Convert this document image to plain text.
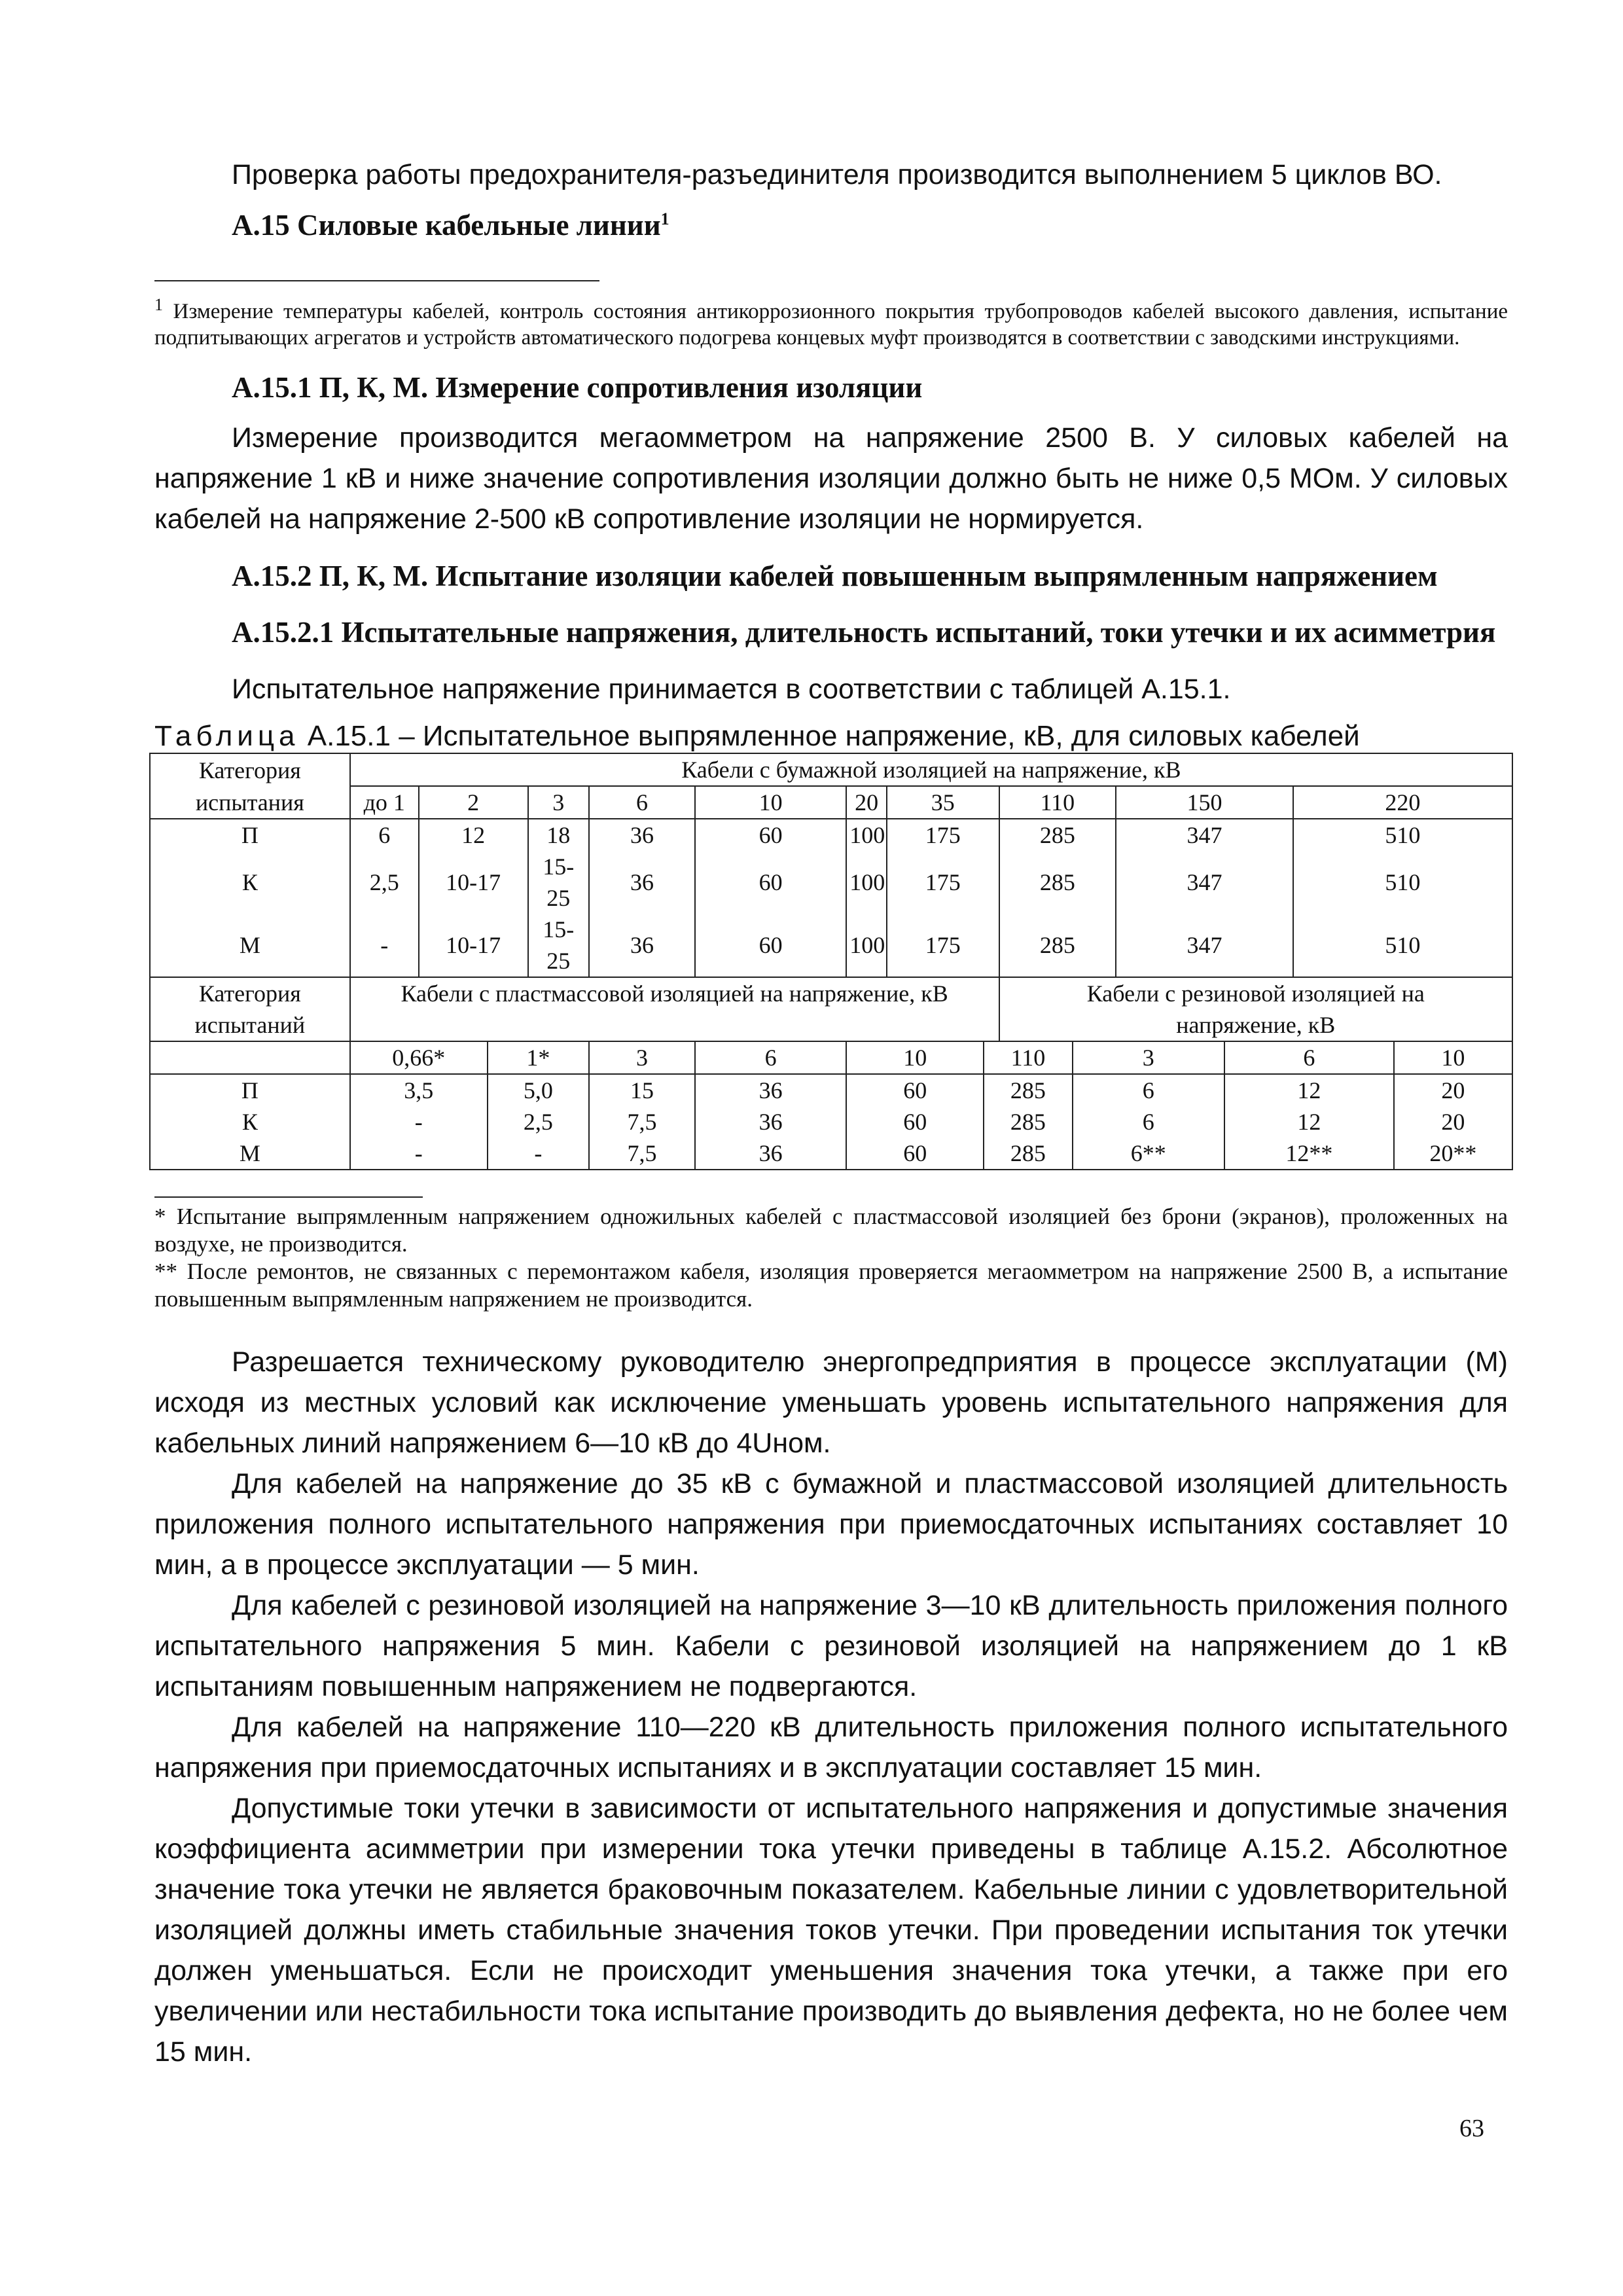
Проверка работы предохранителя-разъединителя производится выполнением 5 циклов ВО.

А.15 Силовые кабельные линии$^1$

$^1$ Измерение температуры кабелей, контроль состояния антикоррозионного покрытия трубопроводов кабелей высокого давления, испытание подпитывающих агрегатов и устройств автоматического подогрева концевых муфт производятся в соответствии с заводскими инструкциями.

А.15.1 П, К, М. Измерение сопротивления изоляции

Измерение производится мегаомметром на напряжение 2500 В. У силовых кабелей на напряжение 1 кВ и ниже значение сопротивления изоляции должно быть не ниже 0,5 МОм. У силовых кабелей на напряжение 2-500 кВ сопротивление изоляции не нормируется.

А.15.2 П, К, М. Испытание изоляции кабелей повышенным выпрямленным напряжением

А.15.2.1 Испытательные напряжения, длительность испытаний, токи утечки и их асимметрия

Испытательное напряжение принимается в соответствии с таблицей А.15.1.

Таблица А.15.1 – Испытательное выпрямленное напряжение, кВ, для силовых кабелей

Категория	Кабели с бумажной изоляцией на напряжение, кВ														
испытания	до 1	2		3	6	10	20	35		110		150		220	
П	6	12		18	36	60	100	175		285		347		510	
К	2,5	10-17		15-25	36	60	100	175		285		347		510	
М	-	10-17		15-25	36	60	100	175		285		347		510	
Категория	Кабели с пластмассовой изоляцией на напряжение, кВ									Кабели с резиновой изоляцией на					
испытаний										напряжение, кВ					
	0,66*		1*		3	6	10		110		3		6		10
П	3,5		5,0		15	36	60		285		6		12		20
К	-		2,5		7,5	36	60		285		6		12		20
М	-		-		7,5	36	60		285		6**		12**		20**

* Испытание выпрямленным напряжением одножильных кабелей с пластмассовой изоляцией без брони (экранов), проложенных на воздухе, не производится.

** После ремонтов, не связанных с перемонтажом кабеля, изоляция проверяется мегаомметром на напряжение 2500 В, а испытание повышенным выпрямленным напряжением не производится.

Разрешается техническому руководителю энергопредприятия в процессе эксплуатации (М) исходя из местных условий как исключение уменьшать уровень испытательного напряжения для кабельных линий напряжением 6—10 кВ до 4Uном.

Для кабелей на напряжение до 35 кВ с бумажной и пластмассовой изоляцией длительность приложения полного испытательного напряжения при приемосдаточных испытаниях составляет 10 мин, а в процессе эксплуатации — 5 мин.

Для кабелей с резиновой изоляцией на напряжение 3—10 кВ длительность приложения полного испытательного напряжения 5 мин. Кабели с резиновой изоляцией на напряжением до 1 кВ испытаниям повышенным напряжением не подвергаются.

Для кабелей на напряжение 110—220 кВ длительность приложения полного испытательного напряжения при приемосдаточных испытаниях и в эксплуатации составляет 15 мин.

Допустимые токи утечки в зависимости от испытательного напряжения и допустимые значения коэффициента асимметрии при измерении тока утечки приведены в таблице А.15.2. Абсолютное значение тока утечки не является браковочным показателем. Кабельные линии с удовлетворительной изоляцией должны иметь стабильные значения токов утечки. При проведении испытания ток утечки должен уменьшаться. Если не происходит уменьшения значения тока утечки, а также при его увеличении или нестабильности тока испытание производить до выявления дефекта, но не более чем 15 мин.

63
